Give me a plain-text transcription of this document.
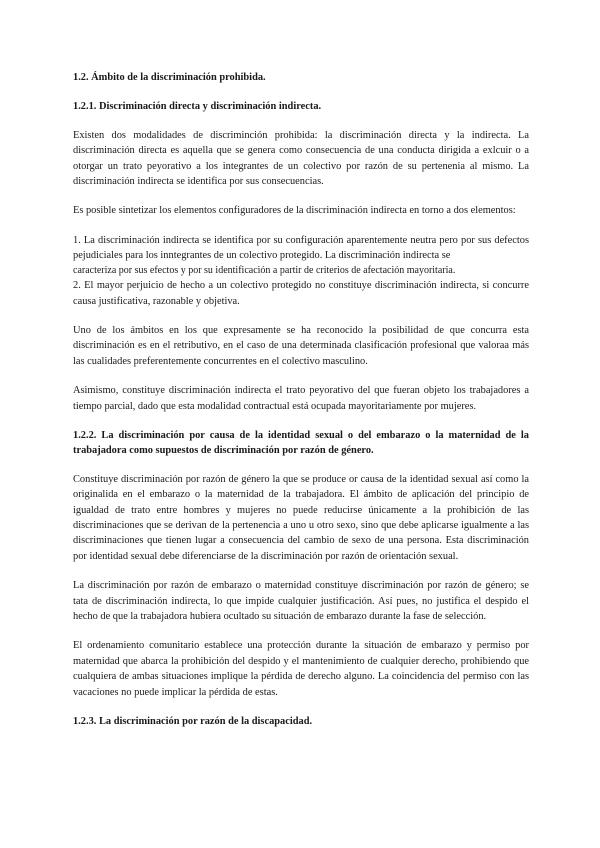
1.2. Ámbito de la discriminación prohibida.

1.2.1. Discriminación directa y discriminación indirecta.

Existen dos modalidades de discriminción prohibida: la discriminación directa y la indirecta. La discriminación directa es aquella que se genera como consecuencia de una conducta dirigida a exlcuir o a otorgar un trato peyorativo a los integrantes de un colectivo por razón de su pertenenia al mismo. La discriminación indirecta se identifica por sus consecuencias.

Es posible sintetizar los elementos configuradores de la discriminación indirecta en torno a dos elementos:

1. La discriminación indirecta se identifica por su configuración aparentemente neutra pero por sus defectos pejudiciales para los inntegrantes de un colectivo protegido. La discriminación indirecta se

caracteriza por sus efectos y por su identificación a partir de criterios de afectación mayoritaria.

2. El mayor perjuicio de hecho a un colectivo protegido no constituye discriminación indirecta, si concurre causa justificativa, razonable y objetiva.

Uno de los ámbitos en los que expresamente se ha reconocido la posibilidad de que concurra esta discriminación es en el retributivo, en el caso de una determinada clasificación profesional que valoraa más las cualidades preferentemente concurrentes en el colectivo masculino.

Asimismo, constituye discriminación indirecta el trato peyorativo del que fueran objeto los trabajadores a tiempo parcial, dado que esta modalidad contractual está ocupada mayoritariamente por mujeres.

1.2.2. La discriminación por causa de la identidad sexual o del embarazo o la maternidad de la trabajadora como supuestos de discriminación por razón de género.

Constituye discriminación por razón de género la que se produce or causa de la identidad sexual así como la originalida en el embarazo o la maternidad de la trabajadora. El ámbito de aplicación del principio de igualdad de trato entre hombres y mujeres no puede reducirse únicamente a la prohibición de las discriminaciones que se derivan de la pertenencia a uno u otro sexo, sino que debe aplicarse igualmente a las discriminaciones que tienen lugar a consecuencia del cambio de sexo de una persona. Esta discriminación por identidad sexual debe diferenciarse de la discriminación por razón de orientación sexual.

La discriminación por razón de embarazo o maternidad constituye discriminación por razón de género; se tata de discriminación indirecta, lo que impide cualquier justificación. Así pues, no justifica el despido el hecho de que la trabajadora hubiera ocultado su situación de embarazo durante la fase de selección.

El ordenamiento comunitario establece una protección durante la situación de embarazo y permiso por maternidad que abarca la prohibición del despido y el mantenimiento de cualquier derecho, prohibiendo que cualquiera de ambas situaciones implique la pérdida de derecho alguno. La coincidencia del permiso con las vacaciones no puede implicar la pérdida de estas.

1.2.3. La discriminación por razón de la discapacidad.
